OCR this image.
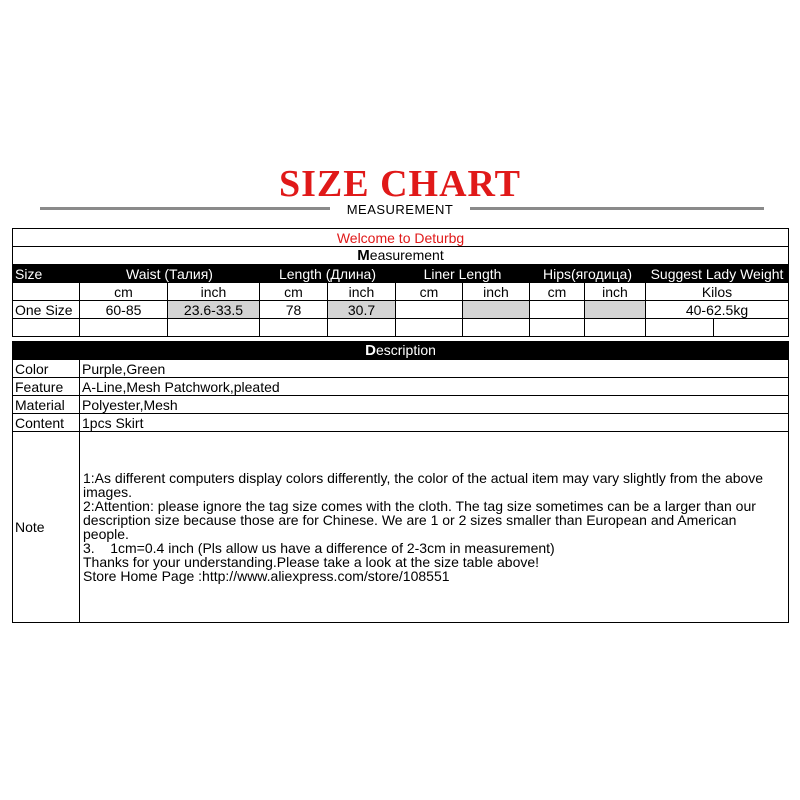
SIZE CHART
MEASUREMENT
Welcome to Deturbg										
Measurement										
Size	Waist (Талия)		Length (Длина)		Liner Length		Hips(ягодица)		Suggest Lady Weight	
	cm	inch	cm	inch	cm	inch	cm	inch	Kilos	
One Size	60-85	23.6-33.5	78	30.7					40-62.5kg	

Description	
Color	Purple,Green
Feature	A-Line,Mesh Patchwork,pleated
Material	Polyester,Mesh
Content	1pcs Skirt
Note	1:As different computers display colors differently, the color of the actual item may vary slightly from the above images.
2:Attention: please ignore the tag size comes with the cloth. The tag size sometimes can be a larger than our description size because those are for Chinese. We are 1 or 2 sizes smaller than European and American people.
3.    1cm=0.4 inch (Pls allow us have a difference of 2-3cm in measurement)
Thanks for your understanding.Please take a look at the size table above!
Store Home Page :http://www.aliexpress.com/store/108551
